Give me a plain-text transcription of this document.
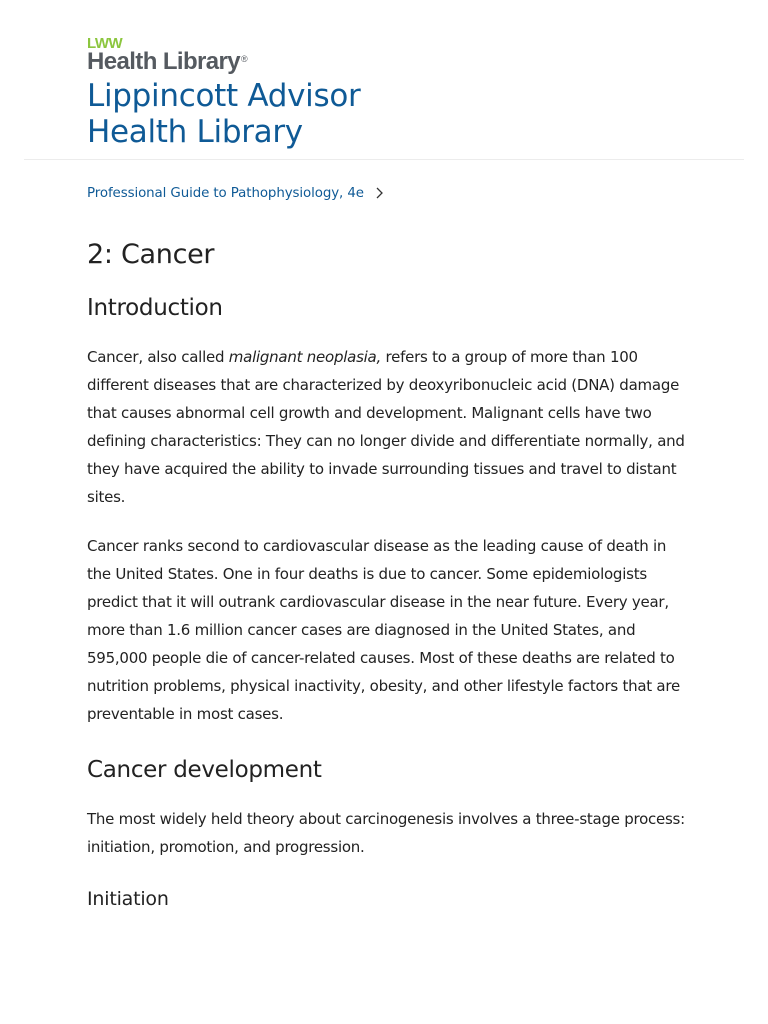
LWW
Health Library®
Lippincott Advisor
Health Library
Professional Guide to Pathophysiology, 4e
2: Cancer
Introduction

Cancer, also called malignant neoplasia, refers to a group of more than 100 different diseases that are characterized by deoxyribonucleic acid (DNA) damage that causes abnormal cell growth and development. Malignant cells have two defining characteristics: They can no longer divide and differentiate normally, and they have acquired the ability to invade surrounding tissues and travel to distant sites.

Cancer ranks second to cardiovascular disease as the leading cause of death in the United States. One in four deaths is due to cancer. Some epidemiologists predict that it will outrank cardiovascular disease in the near future. Every year, more than 1.6 million cancer cases are diagnosed in the United States, and 595,000 people die of cancer-related causes. Most of these deaths are related to nutrition problems, physical inactivity, obesity, and other lifestyle factors that are preventable in most cases.

Cancer development

The most widely held theory about carcinogenesis involves a three-stage process: initiation, promotion, and progression.

Initiation
